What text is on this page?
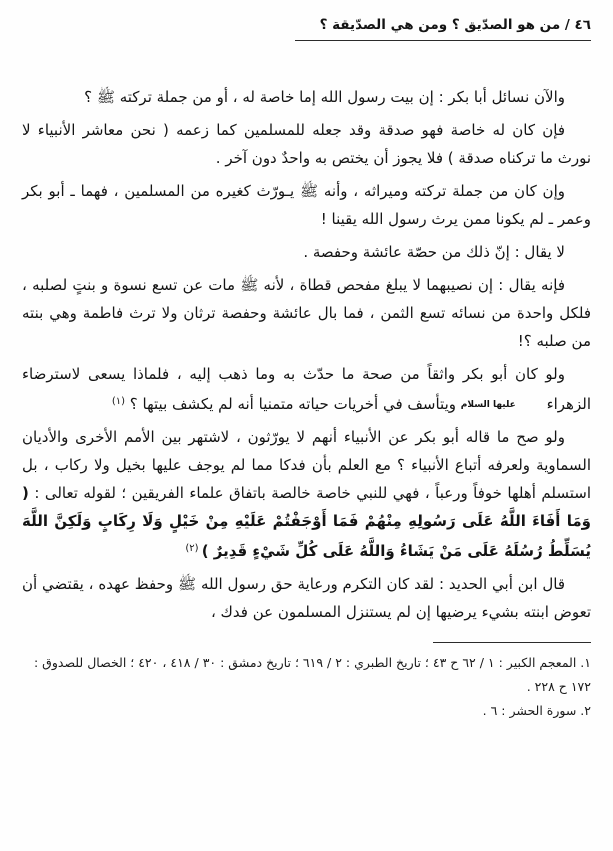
٤٦ / من هو الصدّيق ؟ ومن هي الصدّيقة ؟

والآن نسائل أبا بكر : إن بيت رسول الله إما خاصة له ، أو من جملة تركته ﷺ ؟

فإن كان له خاصة فهو صدقة وقد جعله للمسلمين كما زعمه ( نحن معاشر الأنبياء لا نورث ما تركناه صدقة ) فلا يجوز أن يختص به واحدٌ دون آخر .

وإن كان من جملة تركته وميراثه ، وأنه ﷺ يـورّث كغيره من المسلمين ، فهما ـ أبو بكر وعمر ـ لم يكونا ممن يرث رسول الله يقينا !

لا يقال : إنّ ذلك من حصّة عائشة وحفصة .

فإنه يقال : إن نصيبهما لا يبلغ مفحص قطاة ، لأنه ﷺ مات عن تسع نسوة و بنتٍ لصلبه ، فلكل واحدة من نسائه تسع الثمن ، فما بال عائشة وحفصة ترثان ولا ترث فاطمة وهي بنته من صلبه ؟!

ولو كان أبو بكر واثقاً من صحة ما حدّث به وما ذهب إليه ، فلماذا يسعى لاسترضاء الزهراء عليها السلام ويتأسف في أخريات حياته متمنيا أنه لم يكشف بيتها ؟ $^{(١)}$

ولو صح ما قاله أبو بكر عن الأنبياء أنهم لا يورّثون ، لاشتهر بين الأمم الأخرى والأديان السماوية ولعرفه أتباع الأنبياء ؟ مع العلم بأن فدكا مما لم يوجف عليها بخيل ولا ركاب ، بل استسلم أهلها خوفاً ورعباً ، فهي للنبي خاصة خالصة باتفاق علماء الفريقين ؛ لقوله تعالى : ( وَمَا أَفَاءَ اللَّهُ عَلَى رَسُولِهِ مِنْهُمْ فَمَا أَوْجَفْتُمْ عَلَيْهِ مِنْ خَيْلٍ وَلَا رِكَابٍ وَلَكِنَّ اللَّهَ يُسَلِّطُ رُسُلَهُ عَلَى مَنْ يَشَاءُ وَاللَّهُ عَلَى كُلِّ شَيْءٍ قَدِيرٌ ) $^{(٢)}$

قال ابن أبي الحديد : لقد كان التكرم ورعاية حق رسول الله ﷺ وحفظ عهده ، يقتضي أن تعوض ابنته بشيء يرضيها إن لم يستنزل المسلمون عن فدك ،

١. المعجم الكبير : ١ / ٦٢ ح ٤٣ ؛ تاريخ الطبري : ٢ / ٦١٩ ؛ تاريخ دمشق : ٣٠ / ٤١٨ ، ٤٢٠ ؛ الخصال للصدوق : ١٧٢ ح ٢٢٨ .

٢. سورة الحشر : ٦ .
